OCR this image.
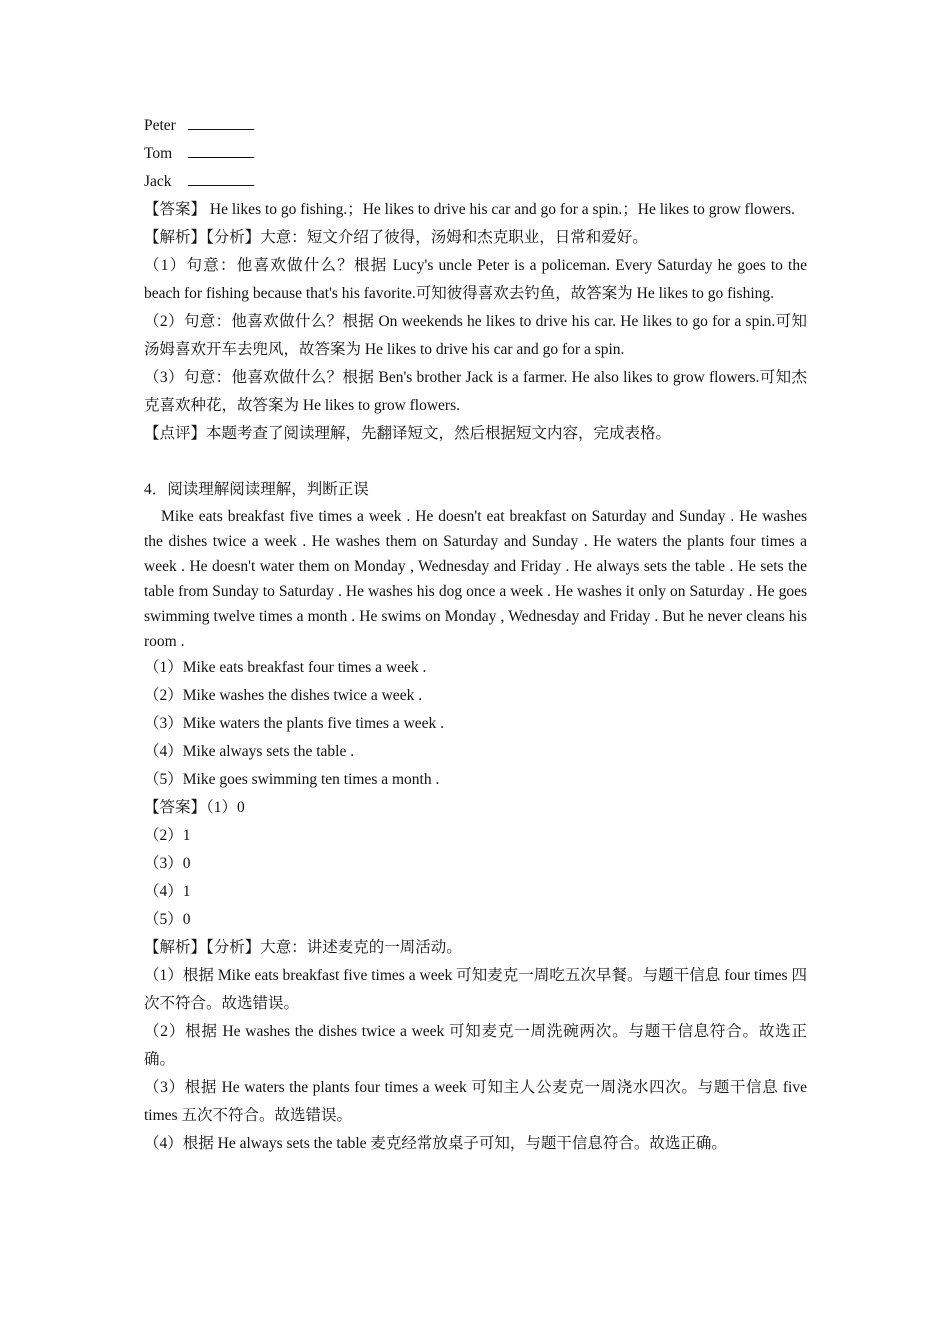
Peter

Tom

Jack

【答案】 He likes to go fishing.；He likes to drive his car and go for a spin.；He likes to grow flowers.

【解析】【分析】大意：短文介绍了彼得，汤姆和杰克职业，日常和爱好。

（1）句意：他喜欢做什么？根据 Lucy's uncle Peter is a policeman. Every Saturday he goes to the beach for fishing because that's his favorite.可知彼得喜欢去钓鱼，故答案为 He likes to go fishing.

（2）句意：他喜欢做什么？根据 On weekends he likes to drive his car. He likes to go for a spin.可知汤姆喜欢开车去兜风，故答案为 He likes to drive his car and go for a spin.

（3）句意：他喜欢做什么？根据 Ben's brother Jack is a farmer. He also likes to grow flowers.可知杰克喜欢种花，故答案为 He likes to grow flowers.

【点评】本题考查了阅读理解，先翻译短文，然后根据短文内容，完成表格。

4．阅读理解阅读理解，判断正误

Mike eats breakfast five times a week . He doesn't eat breakfast on Saturday and Sunday . He washes the dishes twice a week . He washes them on Saturday and Sunday . He waters the plants four times a week . He doesn't water them on Monday , Wednesday and Friday . He always sets the table . He sets the table from Sunday to Saturday . He washes his dog once a week . He washes it only on Saturday . He goes swimming twelve times a month . He swims on Monday , Wednesday and Friday . But he never cleans his room .

（1）Mike eats breakfast four times a week .

（2）Mike washes the dishes twice a week .

（3）Mike waters the plants five times a week .

（4）Mike always sets the table .

（5）Mike goes swimming ten times a month .

【答案】（1）0

（2）1

（3）0

（4）1

（5）0

【解析】【分析】大意：讲述麦克的一周活动。

（1）根据 Mike eats breakfast five times a week 可知麦克一周吃五次早餐。与题干信息 four times 四次不符合。故选错误。

（2）根据 He washes the dishes twice a week 可知麦克一周洗碗两次。与题干信息符合。故选正确。

（3）根据 He waters the plants four times a week 可知主人公麦克一周浇水四次。与题干信息 five times 五次不符合。故选错误。

（4）根据 He always sets the table 麦克经常放桌子可知，与题干信息符合。故选正确。
